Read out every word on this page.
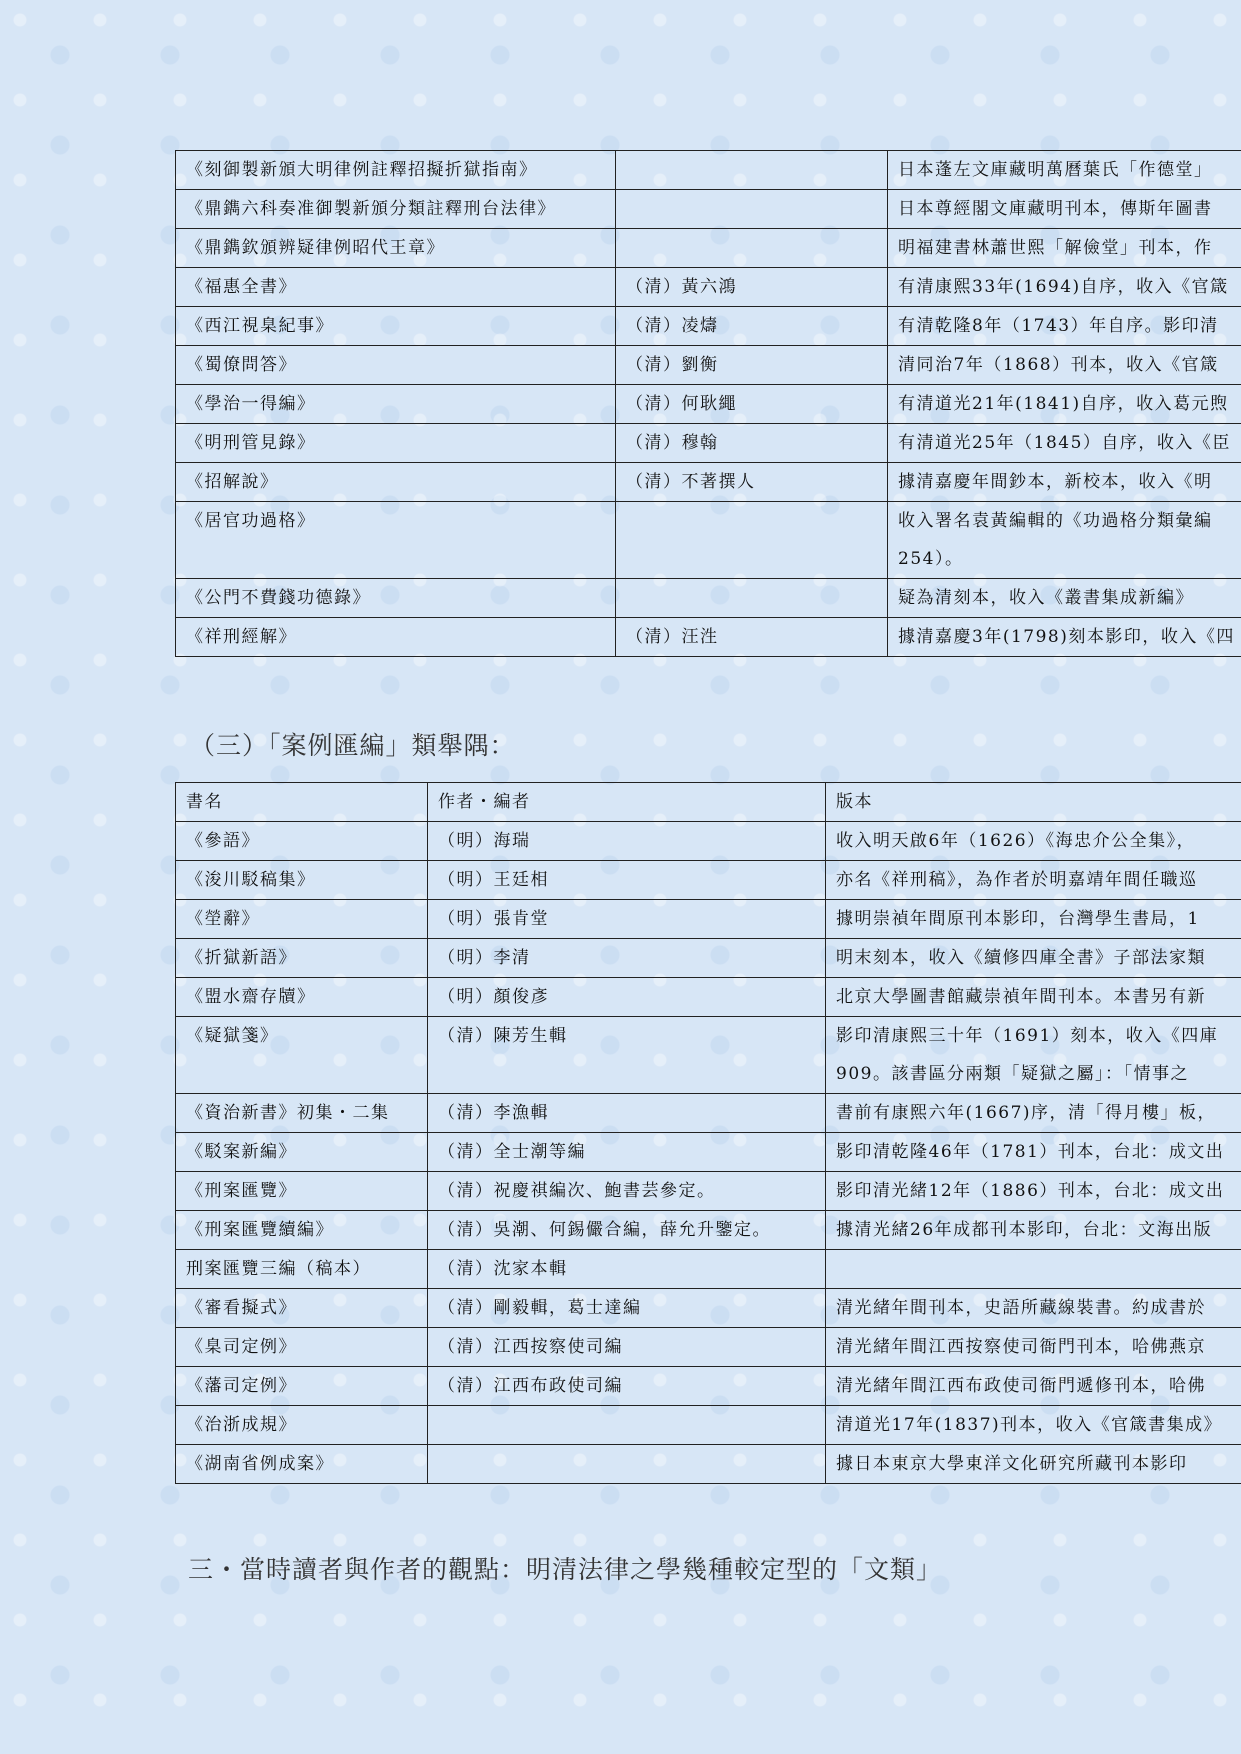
《刻御製新頒大明律例註釋招擬折獄指南》		日本蓬左文庫藏明萬曆葉氏「作德堂」

《鼎鐫六科奏准御製新頒分類註釋刑台法律》		日本尊經閣文庫藏明刊本，傳斯年圖書

《鼎鐫欽頒辨疑律例昭代王章》		明福建書林蕭世熙「解儉堂」刊本，作

《福惠全書》	（清）黃六鴻	有清康熙33年(1694)自序，收入《官箴

《西江視臬紀事》	（清）凌燽	有清乾隆8年（1743）年自序。影印清

《蜀僚問答》	（清）劉衡	清同治7年（1868）刊本，收入《官箴

《學治一得編》	（清）何耿繩	有清道光21年(1841)自序，收入葛元煦

《明刑管見錄》	（清）穆翰	有清道光25年（1845）自序，收入《臣

《招解說》	（清）不著撰人	據清嘉慶年間鈔本，新校本，收入《明

《居官功過格》		收入署名袁黃編輯的《功過格分類彙編
254）。

《公門不費錢功德錄》		疑為清刻本，收入《叢書集成新編》

《祥刑經解》	（清）汪泩	據清嘉慶3年(1798)刻本影印，收入《四
（三）「案例匯編」類舉隅：
書名	作者・編者	版本
《參語》	（明）海瑞	收入明天啟6年（1626）《海忠介公全集》，

《浚川駁稿集》	（明）王廷相	亦名《祥刑稿》，為作者於明嘉靖年間任職巡

《塋辭》	（明）張肯堂	據明崇禎年間原刊本影印，台灣學生書局，1

《折獄新語》	（明）李清	明末刻本，收入《續修四庫全書》子部法家類

《盟水齋存牘》	（明）顏俊彥	北京大學圖書館藏崇禎年間刊本。本書另有新

《疑獄箋》	（清）陳芳生輯	影印清康熙三十年（1691）刻本，收入《四庫
909。該書區分兩類「疑獄之屬」：「情事之

《資治新書》初集・二集	（清）李漁輯	書前有康熙六年(1667)序，清「得月樓」板，

《駁案新編》	（清）全士潮等編	影印清乾隆46年（1781）刊本，台北：成文出

《刑案匯覽》	（清）祝慶祺編次、鮑書芸參定。	影印清光緒12年（1886）刊本，台北：成文出

《刑案匯覽續編》	（清）吳潮、何錫儼合編，薛允升鑒定。	據清光緒26年成都刊本影印，台北：文海出版

刑案匯覽三編（稿本）	（清）沈家本輯	

《審看擬式》	（清）剛毅輯，葛士達編	清光緒年間刊本，史語所藏線裝書。約成書於

《臬司定例》	（清）江西按察使司編	清光緒年間江西按察使司衙門刊本，哈佛燕京

《藩司定例》	（清）江西布政使司編	清光緒年間江西布政使司衙門遞修刊本，哈佛

《治浙成規》		清道光17年(1837)刊本，收入《官箴書集成》

《湖南省例成案》		據日本東京大學東洋文化研究所藏刊本影印
三・當時讀者與作者的觀點：明清法律之學幾種較定型的「文類」
